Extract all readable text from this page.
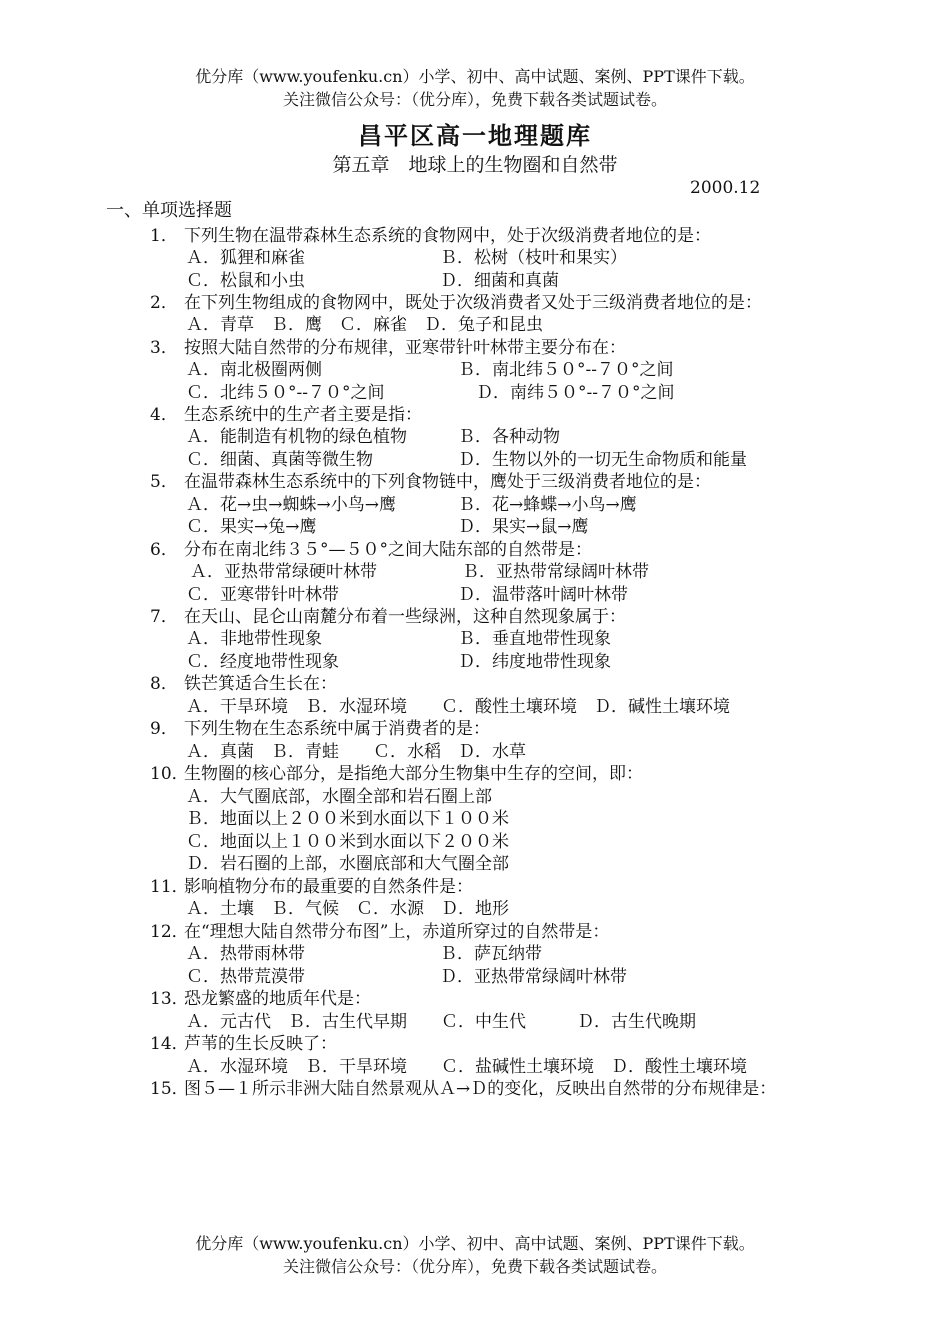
优分库（www.youfenku.cn）小学、初中、高中试题、案例、PPT课件下载。
关注微信公众号：（优分库），免费下载各类试题试卷。
昌平区高一地理题库
第五章　地球上的生物圈和自然带
2000.12
一、单项选择题
1． 下列生物在温带森林生态系统的食物网中，处于次级消费者地位的是：
Ａ．狐狸和麻雀	Ｂ．松树（枝叶和果实）
Ｃ．松鼠和小虫	Ｄ．细菌和真菌
2． 在下列生物组成的食物网中，既处于次级消费者又处于三级消费者地位的是：
Ａ．青草　Ｂ．鹰　Ｃ．麻雀　Ｄ．兔子和昆虫
3． 按照大陆自然带的分布规律，亚寒带针叶林带主要分布在：
Ａ．南北极圈两侧	Ｂ．南北纬５０°--７０°之间
Ｃ．北纬５０°--７０°之间	Ｄ．南纬５０°--７０°之间
4． 生态系统中的生产者主要是指：
Ａ．能制造有机物的绿色植物	Ｂ．各种动物
Ｃ．细菌、真菌等微生物	Ｄ．生物以外的一切无生命物质和能量
5． 在温带森林生态系统中的下列食物链中，鹰处于三级消费者地位的是：
Ａ．花→虫→蜘蛛→小鸟→鹰	Ｂ．花→蜂蝶→小鸟→鹰
Ｃ．果实→兔→鹰	Ｄ．果实→鼠→鹰
6． 分布在南北纬３５°—５０°之间大陆东部的自然带是：
Ａ．亚热带常绿硬叶林带	Ｂ．亚热带常绿阔叶林带
Ｃ．亚寒带针叶林带	Ｄ．温带落叶阔叶林带
7． 在天山、昆仑山南麓分布着一些绿洲，这种自然现象属于：
Ａ．非地带性现象	Ｂ．垂直地带性现象
Ｃ．经度地带性现象	Ｄ．纬度地带性现象
8． 铁芒箕适合生长在：
Ａ．干旱环境　Ｂ．水湿环境　　Ｃ．酸性土壤环境　Ｄ．碱性土壤环境
9． 下列生物在生态系统中属于消费者的是：
Ａ．真菌　Ｂ．青蛙　　Ｃ．水稻　Ｄ．水草
10．生物圈的核心部分，是指绝大部分生物集中生存的空间，即：
Ａ．大气圈底部，水圈全部和岩石圈上部
Ｂ．地面以上２００米到水面以下１００米
Ｃ．地面以上１００米到水面以下２００米
Ｄ．岩石圈的上部，水圈底部和大气圈全部
11．影响植物分布的最重要的自然条件是：
Ａ．土壤　Ｂ．气候　Ｃ．水源　Ｄ．地形
12．在“理想大陆自然带分布图”上，赤道所穿过的自然带是：
Ａ．热带雨林带	Ｂ．萨瓦纳带
Ｃ．热带荒漠带	Ｄ．亚热带常绿阔叶林带
13．恐龙繁盛的地质年代是：
Ａ．元古代　Ｂ．古生代早期　　Ｃ．中生代　　　Ｄ．古生代晚期
14．芦苇的生长反映了：
Ａ．水湿环境　Ｂ．干旱环境　　Ｃ．盐碱性土壤环境　Ｄ．酸性土壤环境
15．图５—１所示非洲大陆自然景观从Ａ→Ｄ的变化，反映出自然带的分布规律是：
优分库（www.youfenku.cn）小学、初中、高中试题、案例、PPT课件下载。
关注微信公众号：（优分库），免费下载各类试题试卷。
